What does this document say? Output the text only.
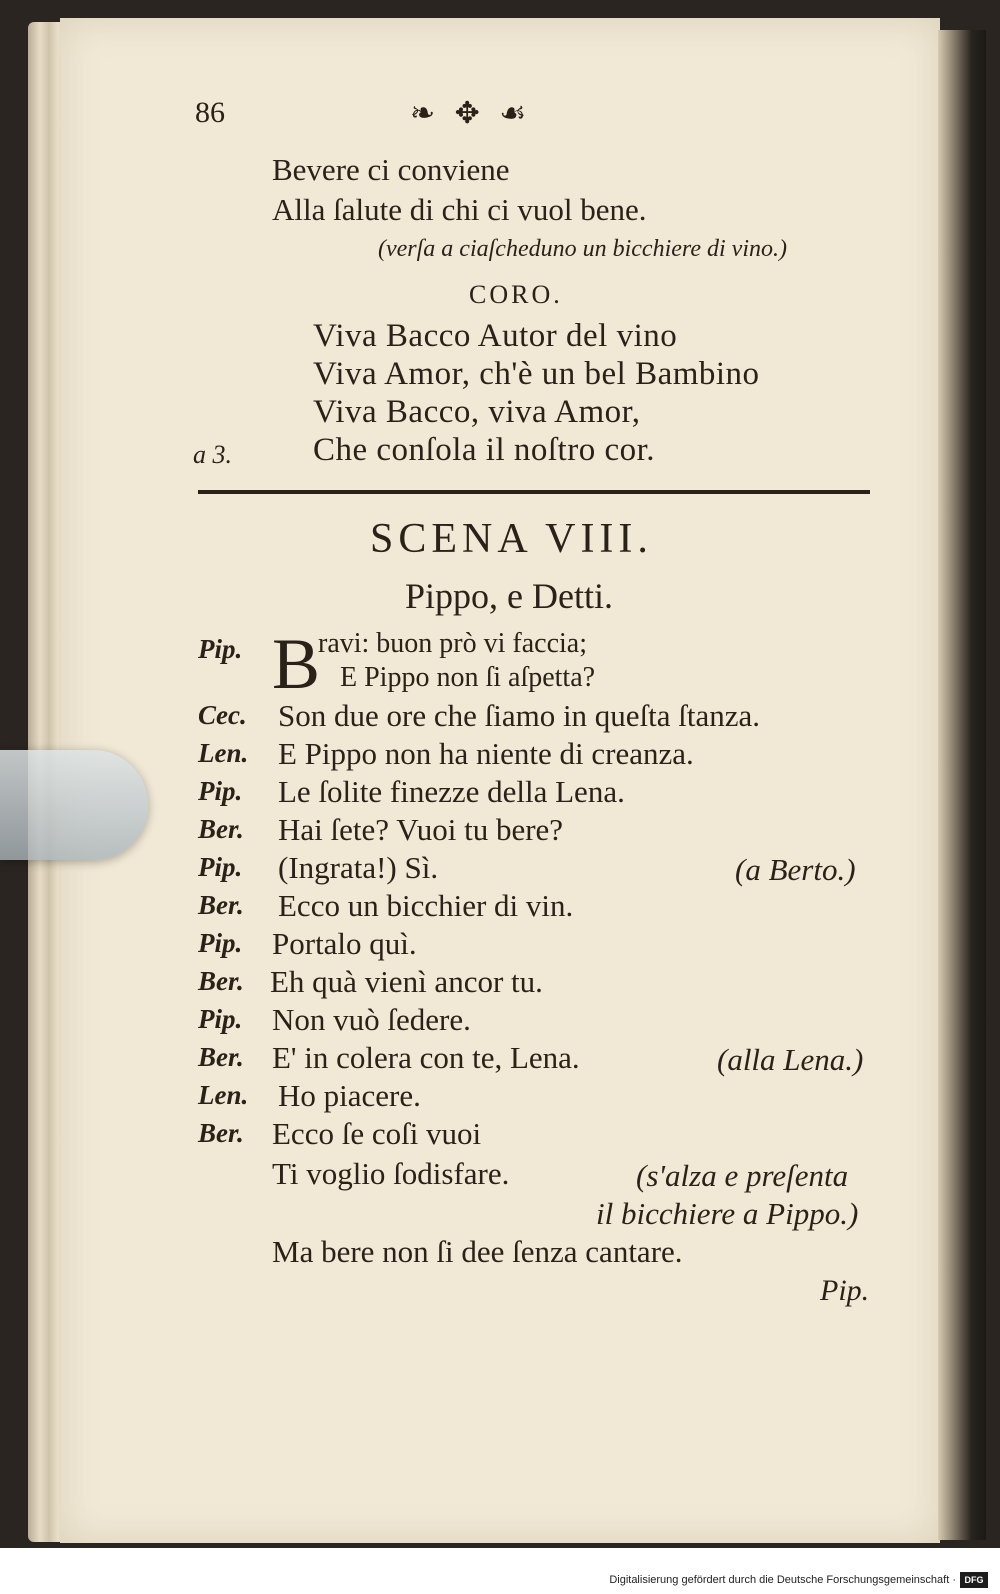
86	❧ ✥ ☙
Bevere ci conviene
Alla ſalute di chi ci vuol bene.
(verſa a ciaſcheduno un bicchiere di vino.)
CORO.
Viva Bacco Autor del vino
Viva Amor, ch'è un bel Bambino
Viva Bacco, viva Amor,
Che conſola il noſtro cor.
a 3.
SCENA VIII.
Pippo, e Detti.
Pip. B
ravi: buon prò vi faccia;
E Pippo non ſi aſpetta?
Cec. Son due ore che ſiamo in queſta ſtanza.
Len. E Pippo non ha niente di creanza.
Pip. Le ſolite finezze della Lena.
Ber. Hai ſete? Vuoi tu bere?
Pip. (Ingrata!) Sì.	(a Berto.)
Ber. Ecco un bicchier di vin.
Pip. Portalo quì.
Ber. Eh quà vienì ancor tu.
Pip. Non vuò ſedere.
Ber. E' in colera con te, Lena.	(alla Lena.)
Len. Ho piacere.
Ber. Ecco ſe coſi vuoi
Ti voglio ſodisfare.	(s'alza e preſenta
il bicchiere a Pippo.)
Ma bere non ſi dee ſenza cantare.
Pip.
Digitalisierung gefördert durch die Deutsche Forschungsgemeinschaft · DFG
